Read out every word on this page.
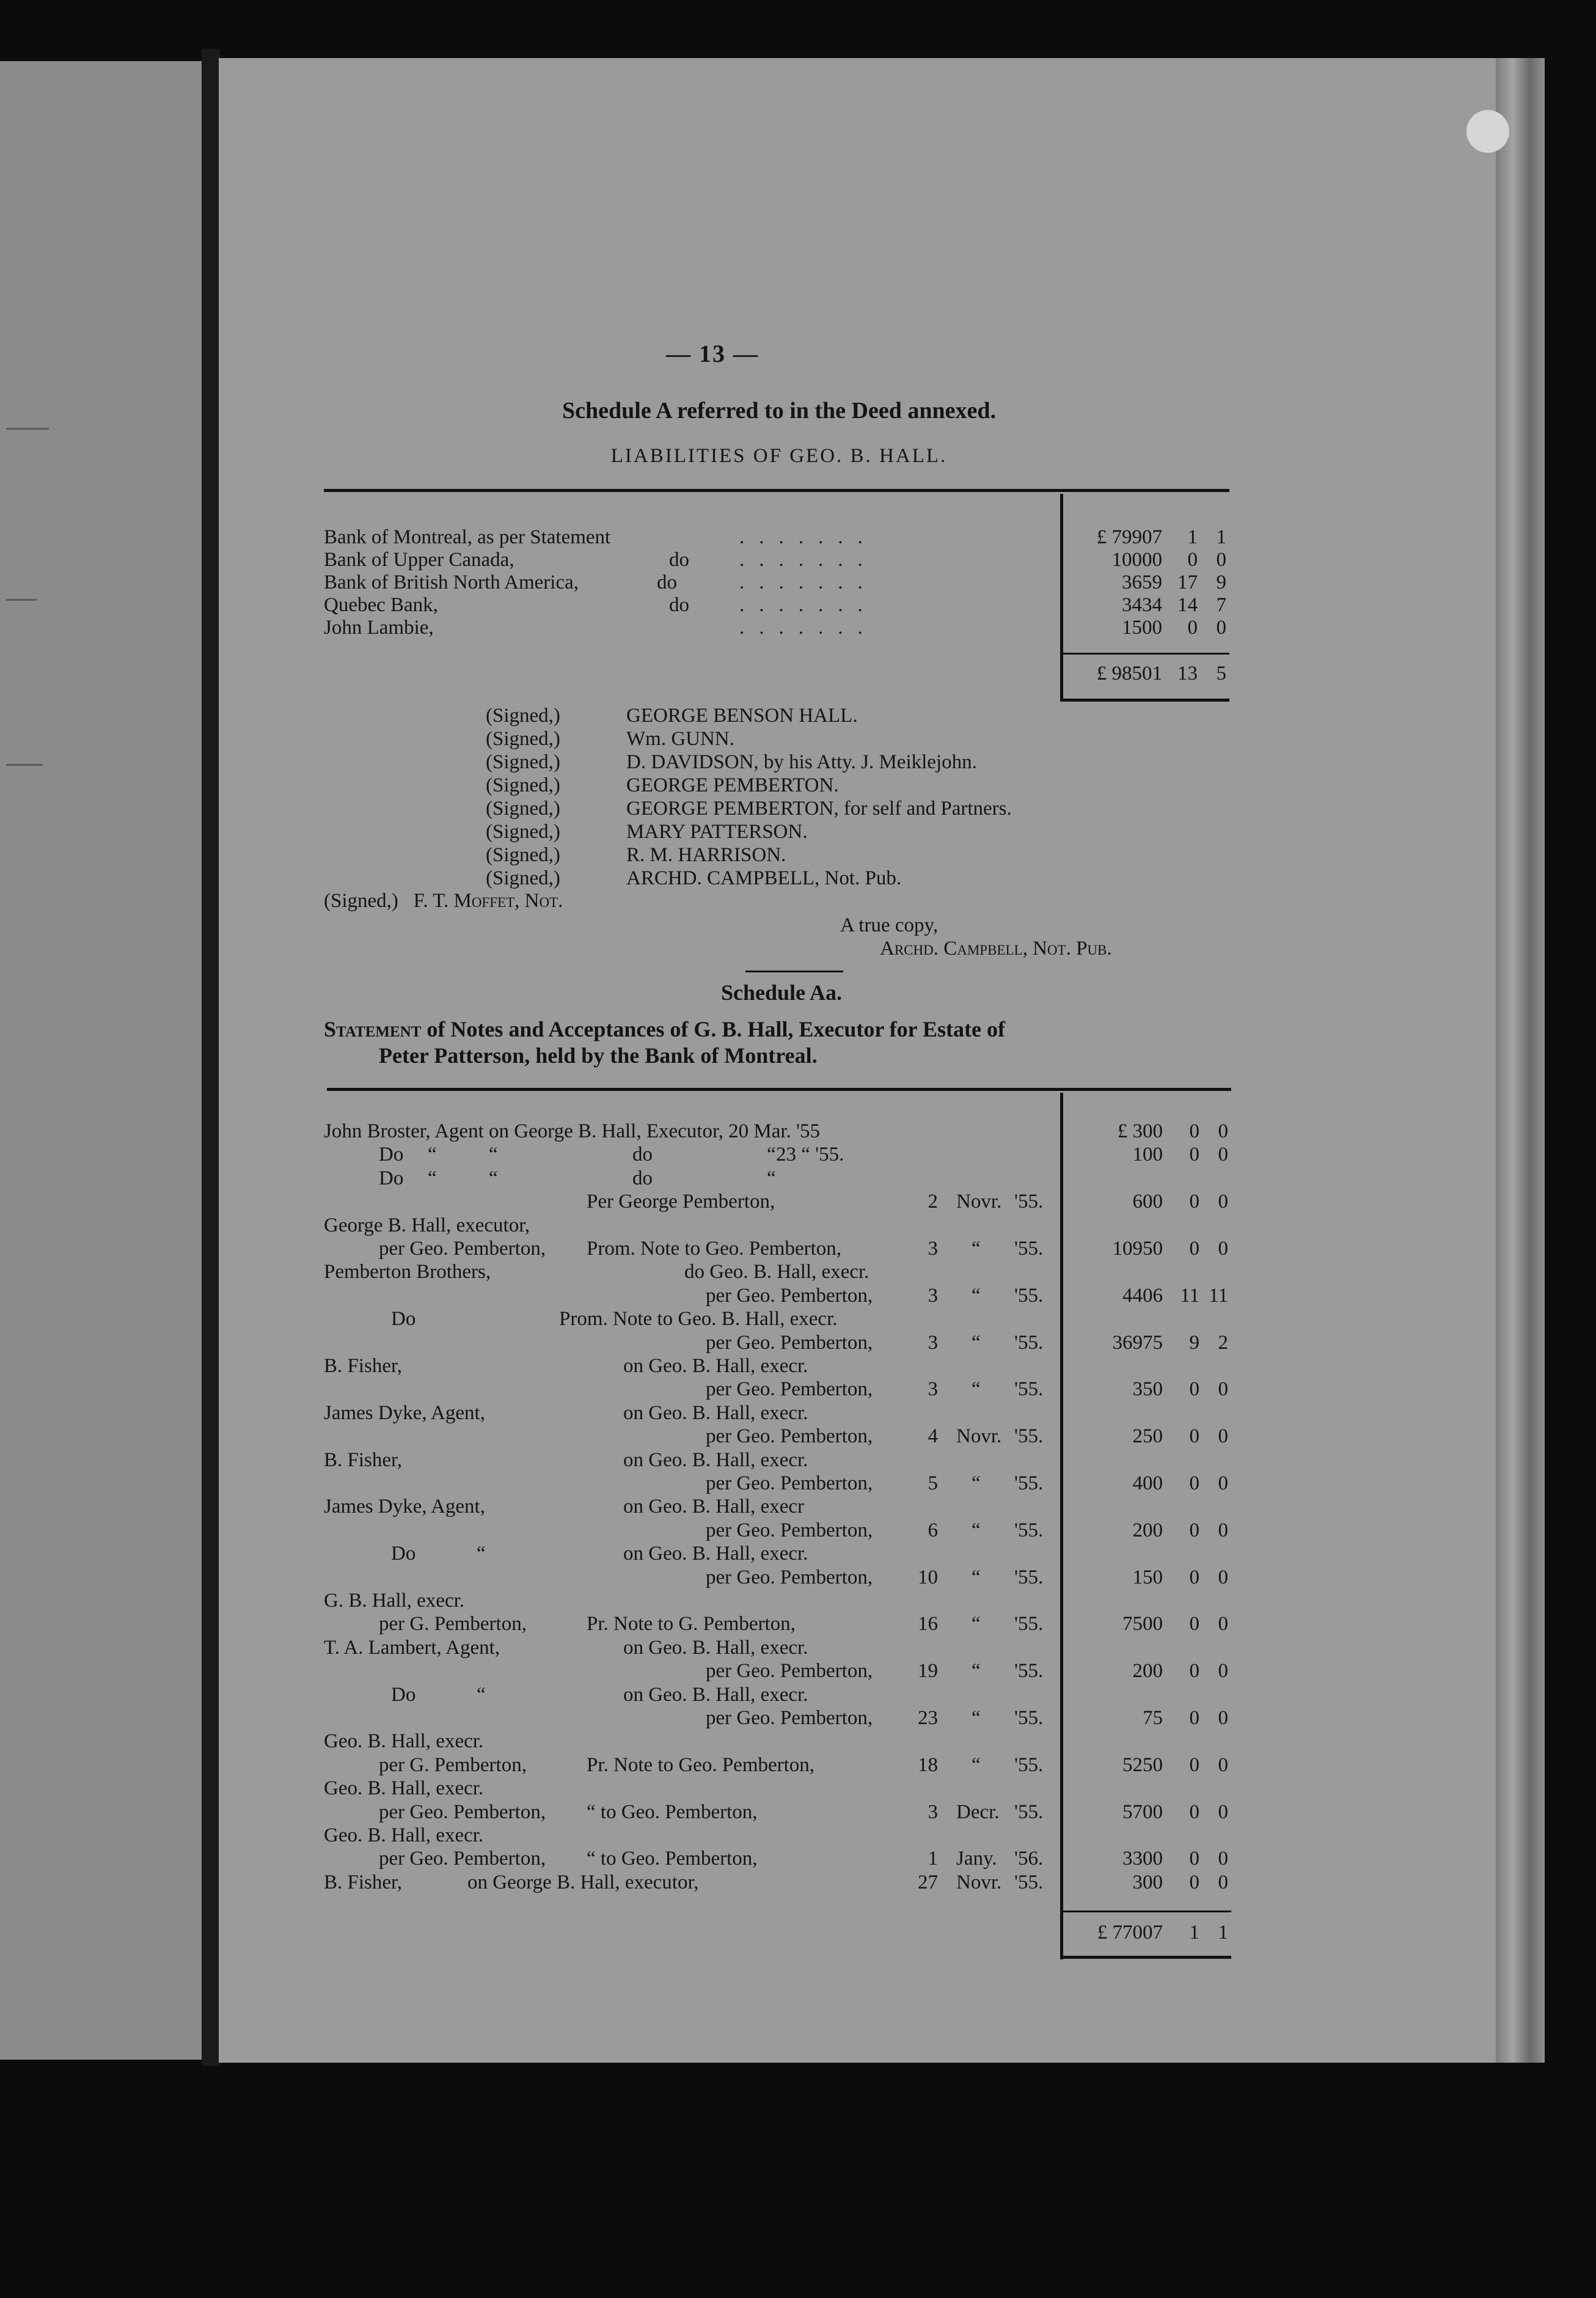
— 13 —
Schedule A referred to in the Deed annexed.
LIABILITIES OF GEO. B. HALL.
Bank of Montreal, as per Statement	.......	£ 79907	1 1
Bank of Upper Canada,	do .......	10000	0 0
Bank of British North America,	do	.......	3659 17 9
Quebec Bank,	do .......	3434 14 7
John Lambie,	.......	1500	0 0
£ 98501 13 5
(Signed,)	GEORGE BENSON HALL.
(Signed,)	Wm. GUNN.
(Signed,)	D. DAVIDSON, by his Atty. J. Meiklejohn.
(Signed,)	GEORGE PEMBERTON.
(Signed,)	GEORGE PEMBERTON, for self and Partners.
(Signed,)	MARY PATTERSON.
(Signed,)	R. M. HARRISON.
(Signed,)	ARCHD. CAMPBELL, Not. Pub.
(Signed,) F. T. Moffet, Not.
A true copy,
Archd. Campbell, Not. Pub.
Schedule Aa.
Statement of Notes and Acceptances of G. B. Hall, Executor for Estate of
Peter Patterson, held by the Bank of Montreal.
John Broster, Agent on George B. Hall, Executor, 20 Mar. '55	£ 300	0 0
Do “	“	do	“ 23 “ '55.	100	0 0
Do “	“	do	“
Per George Pemberton,	2 Novr. '55.	600	0 0
George B. Hall, executor,
per Geo. Pemberton, Prom. Note to Geo. Pemberton,	3 “ '55.	10950	0 0
Pemberton Brothers,	do Geo. B. Hall, execr.
per Geo. Pemberton,	3 “ '55.	4406 11 11
Do	Prom. Note to Geo. B. Hall, execr.
per Geo. Pemberton,	3 “ '55.	36975	9 2
B. Fisher,	on Geo. B. Hall, execr.
per Geo. Pemberton,	3 “ '55.	350	0 0
James Dyke, Agent,	on Geo. B. Hall, execr.
per Geo. Pemberton,	4 Novr. '55.	250	0 0
B. Fisher,	on Geo. B. Hall, execr.
per Geo. Pemberton,	5 “ '55.	400	0 0
James Dyke, Agent,	on Geo. B. Hall, execr
per Geo. Pemberton,	6 “ '55.	200	0 0
Do	“	on Geo. B. Hall, execr.
per Geo. Pemberton,	10 “ '55.	150	0 0
G. B. Hall, execr.
per G. Pemberton,	Pr. Note to G. Pemberton,	16 “ '55.	7500	0 0
T. A. Lambert, Agent,	on Geo. B. Hall, execr.
per Geo. Pemberton,	19 “ '55.	200	0 0
Do	“	on Geo. B. Hall, execr.
per Geo. Pemberton,	23 “ '55.	75	0 0
Geo. B. Hall, execr.
per G. Pemberton,	Pr. Note to Geo. Pemberton,	18 “ '55.	5250	0 0
Geo. B. Hall, execr.
per Geo. Pemberton, “ to Geo. Pemberton,	3 Decr. '55.	5700	0 0
Geo. B. Hall, execr.
per Geo. Pemberton, “ to Geo. Pemberton,	1 Jany. '56.	3300	0 0
B. Fisher,	on George B. Hall, executor,	27 Novr. '55.	300	0 0
£ 77007	1 1
